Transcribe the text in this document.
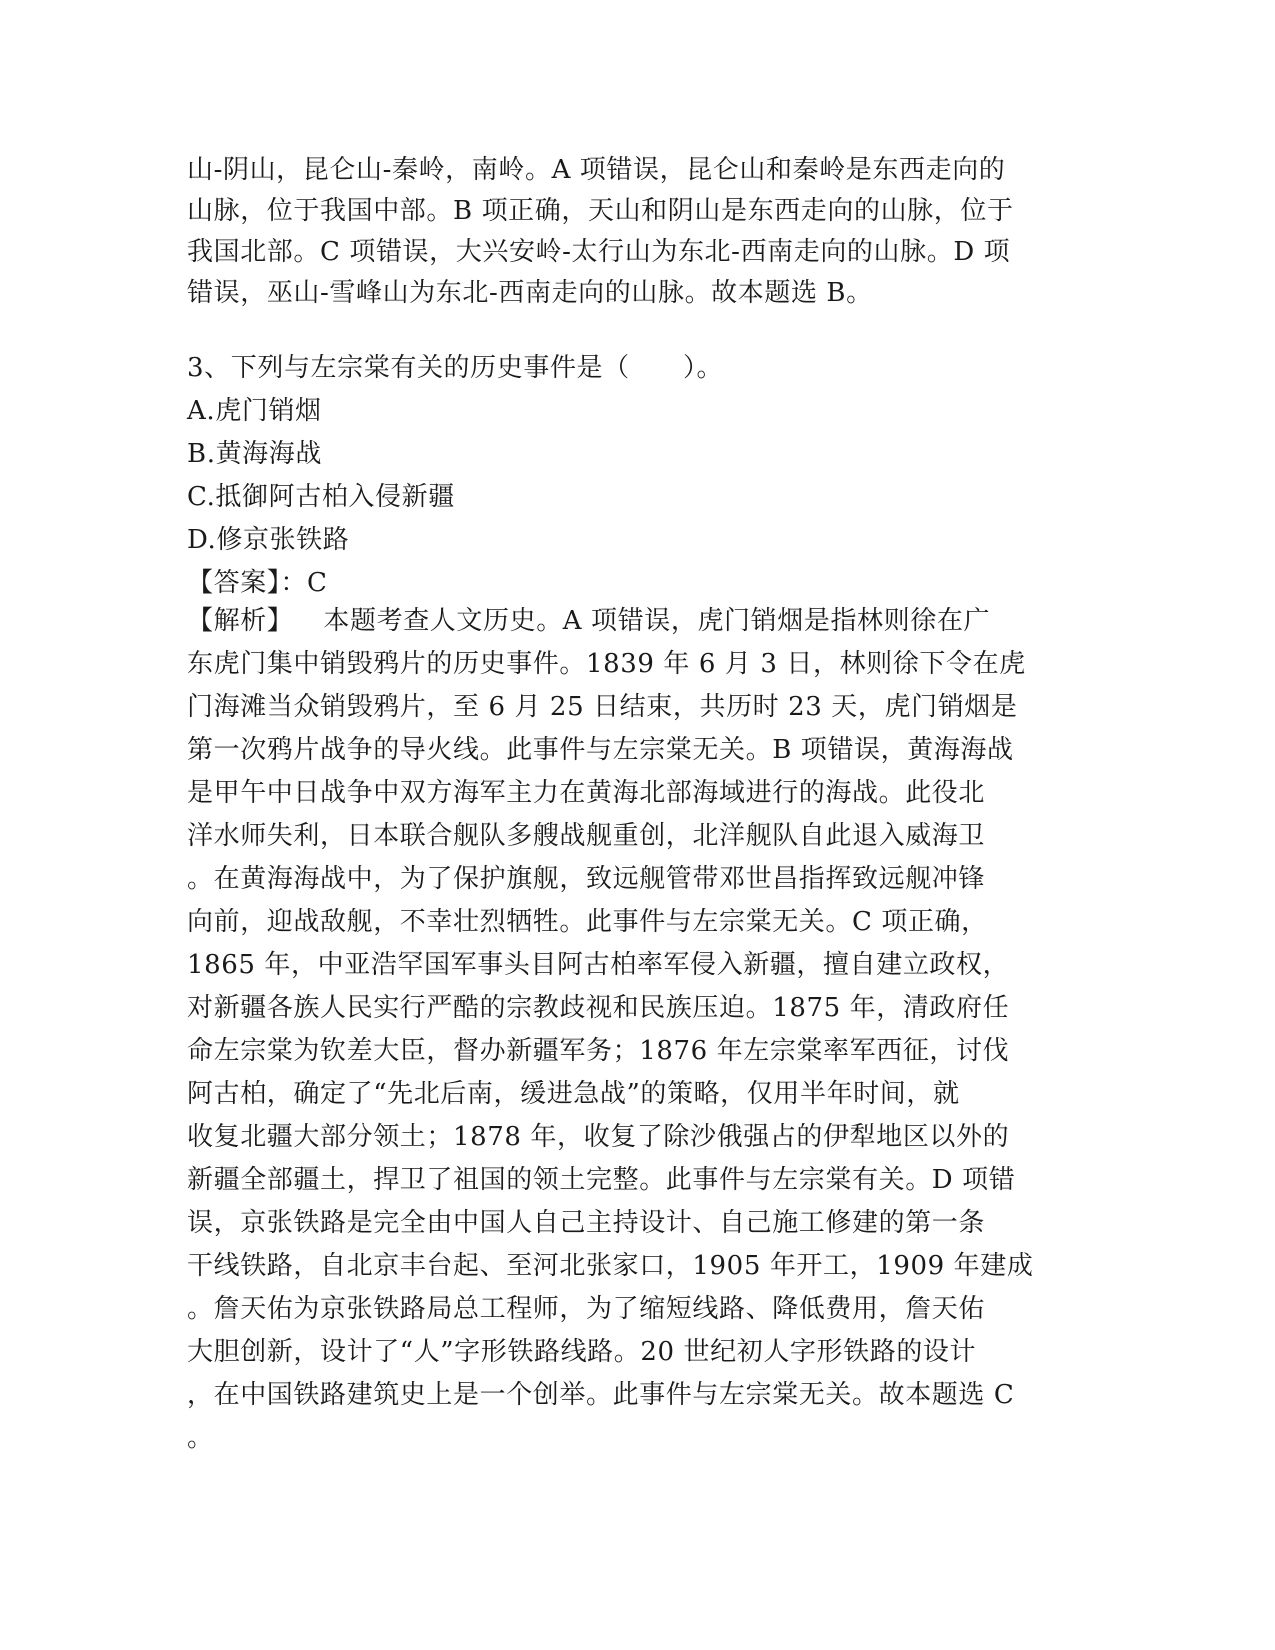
山-阴山，昆仑山-秦岭，南岭。A 项错误，昆仑山和秦岭是东西走向的
山脉，位于我国中部。B 项正确，天山和阴山是东西走向的山脉，位于
我国北部。C 项错误，大兴安岭-太行山为东北-西南走向的山脉。D 项
错误，巫山-雪峰山为东北-西南走向的山脉。故本题选 B。
3、下列与左宗棠有关的历史事件是（　　）。
A.虎门销烟
B.黄海海战
C.抵御阿古柏入侵新疆
D.修京张铁路
【答案】：C
【解析】 本题考查人文历史。A 项错误，虎门销烟是指林则徐在广
东虎门集中销毁鸦片的历史事件。1839 年 6 月 3 日，林则徐下令在虎
门海滩当众销毁鸦片，至 6 月 25 日结束，共历时 23 天，虎门销烟是
第一次鸦片战争的导火线。此事件与左宗棠无关。B 项错误，黄海海战
是甲午中日战争中双方海军主力在黄海北部海域进行的海战。此役北
洋水师失利，日本联合舰队多艘战舰重创，北洋舰队自此退入威海卫
。在黄海海战中，为了保护旗舰，致远舰管带邓世昌指挥致远舰冲锋
向前，迎战敌舰，不幸壮烈牺牲。此事件与左宗棠无关。C 项正确，
1865 年，中亚浩罕国军事头目阿古柏率军侵入新疆，擅自建立政权，
对新疆各族人民实行严酷的宗教歧视和民族压迫。1875 年，清政府任
命左宗棠为钦差大臣，督办新疆军务；1876 年左宗棠率军西征，讨伐
阿古柏，确定了“先北后南，缓进急战”的策略，仅用半年时间，就
收复北疆大部分领土；1878 年，收复了除沙俄强占的伊犁地区以外的
新疆全部疆土，捍卫了祖国的领土完整。此事件与左宗棠有关。D 项错
误，京张铁路是完全由中国人自己主持设计、自己施工修建的第一条
干线铁路，自北京丰台起、至河北张家口，1905 年开工，1909 年建成
。詹天佑为京张铁路局总工程师，为了缩短线路、降低费用，詹天佑
大胆创新，设计了“人”字形铁路线路。20 世纪初人字形铁路的设计
，在中国铁路建筑史上是一个创举。此事件与左宗棠无关。故本题选 C
。
